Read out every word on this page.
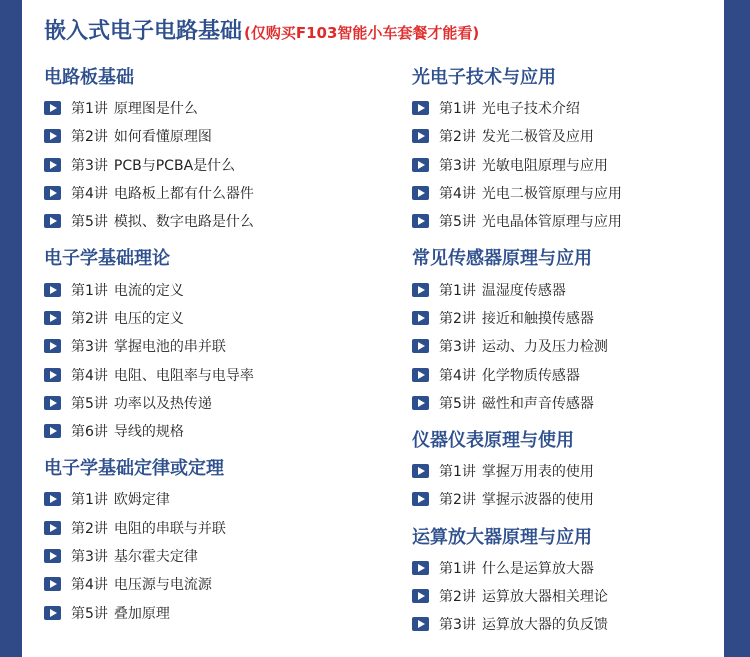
嵌入式电子电路基础 (仅购买F103智能小车套餐才能看)
电路板基础
第1讲 原理图是什么
第2讲 如何看懂原理图
第3讲 PCB与PCBA是什么
第4讲 电路板上都有什么器件
第5讲 模拟、数字电路是什么
电子学基础理论
第1讲 电流的定义
第2讲 电压的定义
第3讲 掌握电池的串并联
第4讲 电阻、电阻率与电导率
第5讲 功率以及热传递
第6讲 导线的规格
电子学基础定律或定理
第1讲 欧姆定律
第2讲 电阻的串联与并联
第3讲 基尔霍夫定律
第4讲 电压源与电流源
第5讲 叠加原理
光电子技术与应用
第1讲 光电子技术介绍
第2讲 发光二极管及应用
第3讲 光敏电阻原理与应用
第4讲 光电二极管原理与应用
第5讲 光电晶体管原理与应用
常见传感器原理与应用
第1讲 温湿度传感器
第2讲 接近和触摸传感器
第3讲 运动、力及压力检测
第4讲 化学物质传感器
第5讲 磁性和声音传感器
仪器仪表原理与使用
第1讲 掌握万用表的使用
第2讲 掌握示波器的使用
运算放大器原理与应用
第1讲 什么是运算放大器
第2讲 运算放大器相关理论
第3讲 运算放大器的负反馈
